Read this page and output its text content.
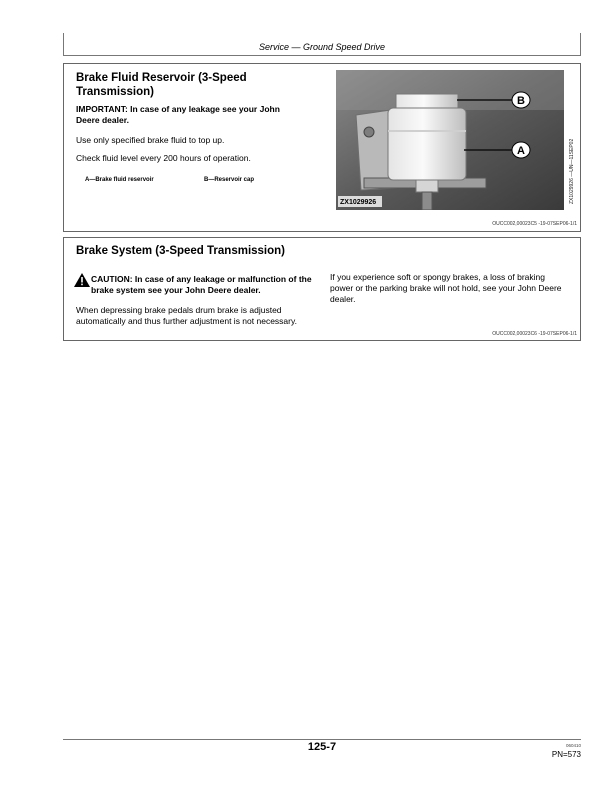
Service — Ground Speed Drive
Brake Fluid Reservoir (3-Speed Transmission)
IMPORTANT: In case of any leakage see your John Deere dealer.
Use only specified brake fluid to top up.
Check fluid level every 200 hours of operation.
A—Brake fluid reservoir	B—Reservoir cap
B
A
ZX1029926	ZX1029926 —UN—11SEP02
OUCC002,00023C5 -19-07SEP06-1/1
Brake System (3-Speed Transmission)
CAUTION: In case of any leakage or malfunction of the brake system see your John Deere dealer.
When depressing brake pedals drum brake is adjusted automatically and thus further adjustment is not necessary.
If you experience soft or spongy brakes, a loss of braking power or the parking brake will not hold, see your John Deere dealer.
OUCC002,00023C6 -19-07SEP06-1/1
125-7	060410
PN=573
